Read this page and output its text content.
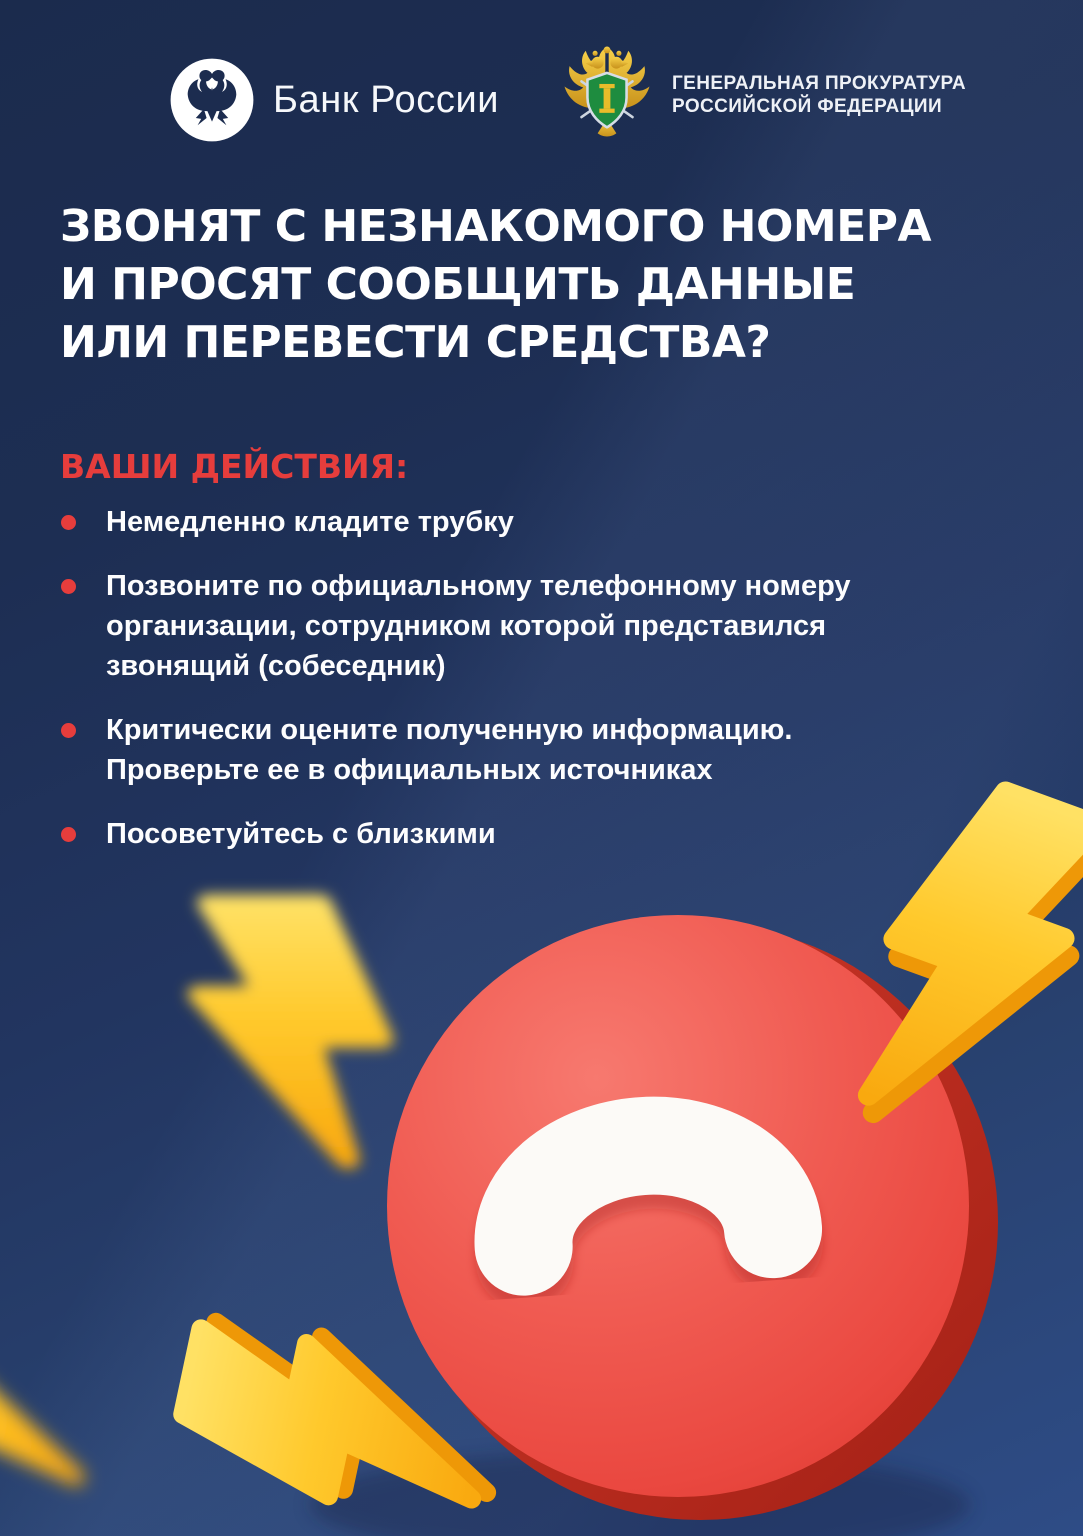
Банк России	ГЕНЕРАЛЬНАЯ ПРОКУРАТУРА
РОССИЙСКОЙ ФЕДЕРАЦИИ
ЗВОНЯТ С НЕЗНАКОМОГО НОМЕРА
И ПРОСЯТ СООБЩИТЬ ДАННЫЕ
ИЛИ ПЕРЕВЕСТИ СРЕДСТВА?
ВАШИ ДЕЙСТВИЯ:
Немедленно кладите трубку
Позвоните по официальному телефонному номеру организации, сотрудником которой представился звонящий (собеседник)
Критически оцените полученную информацию. Проверьте ее в официальных источниках
Посоветуйтесь с близкими
